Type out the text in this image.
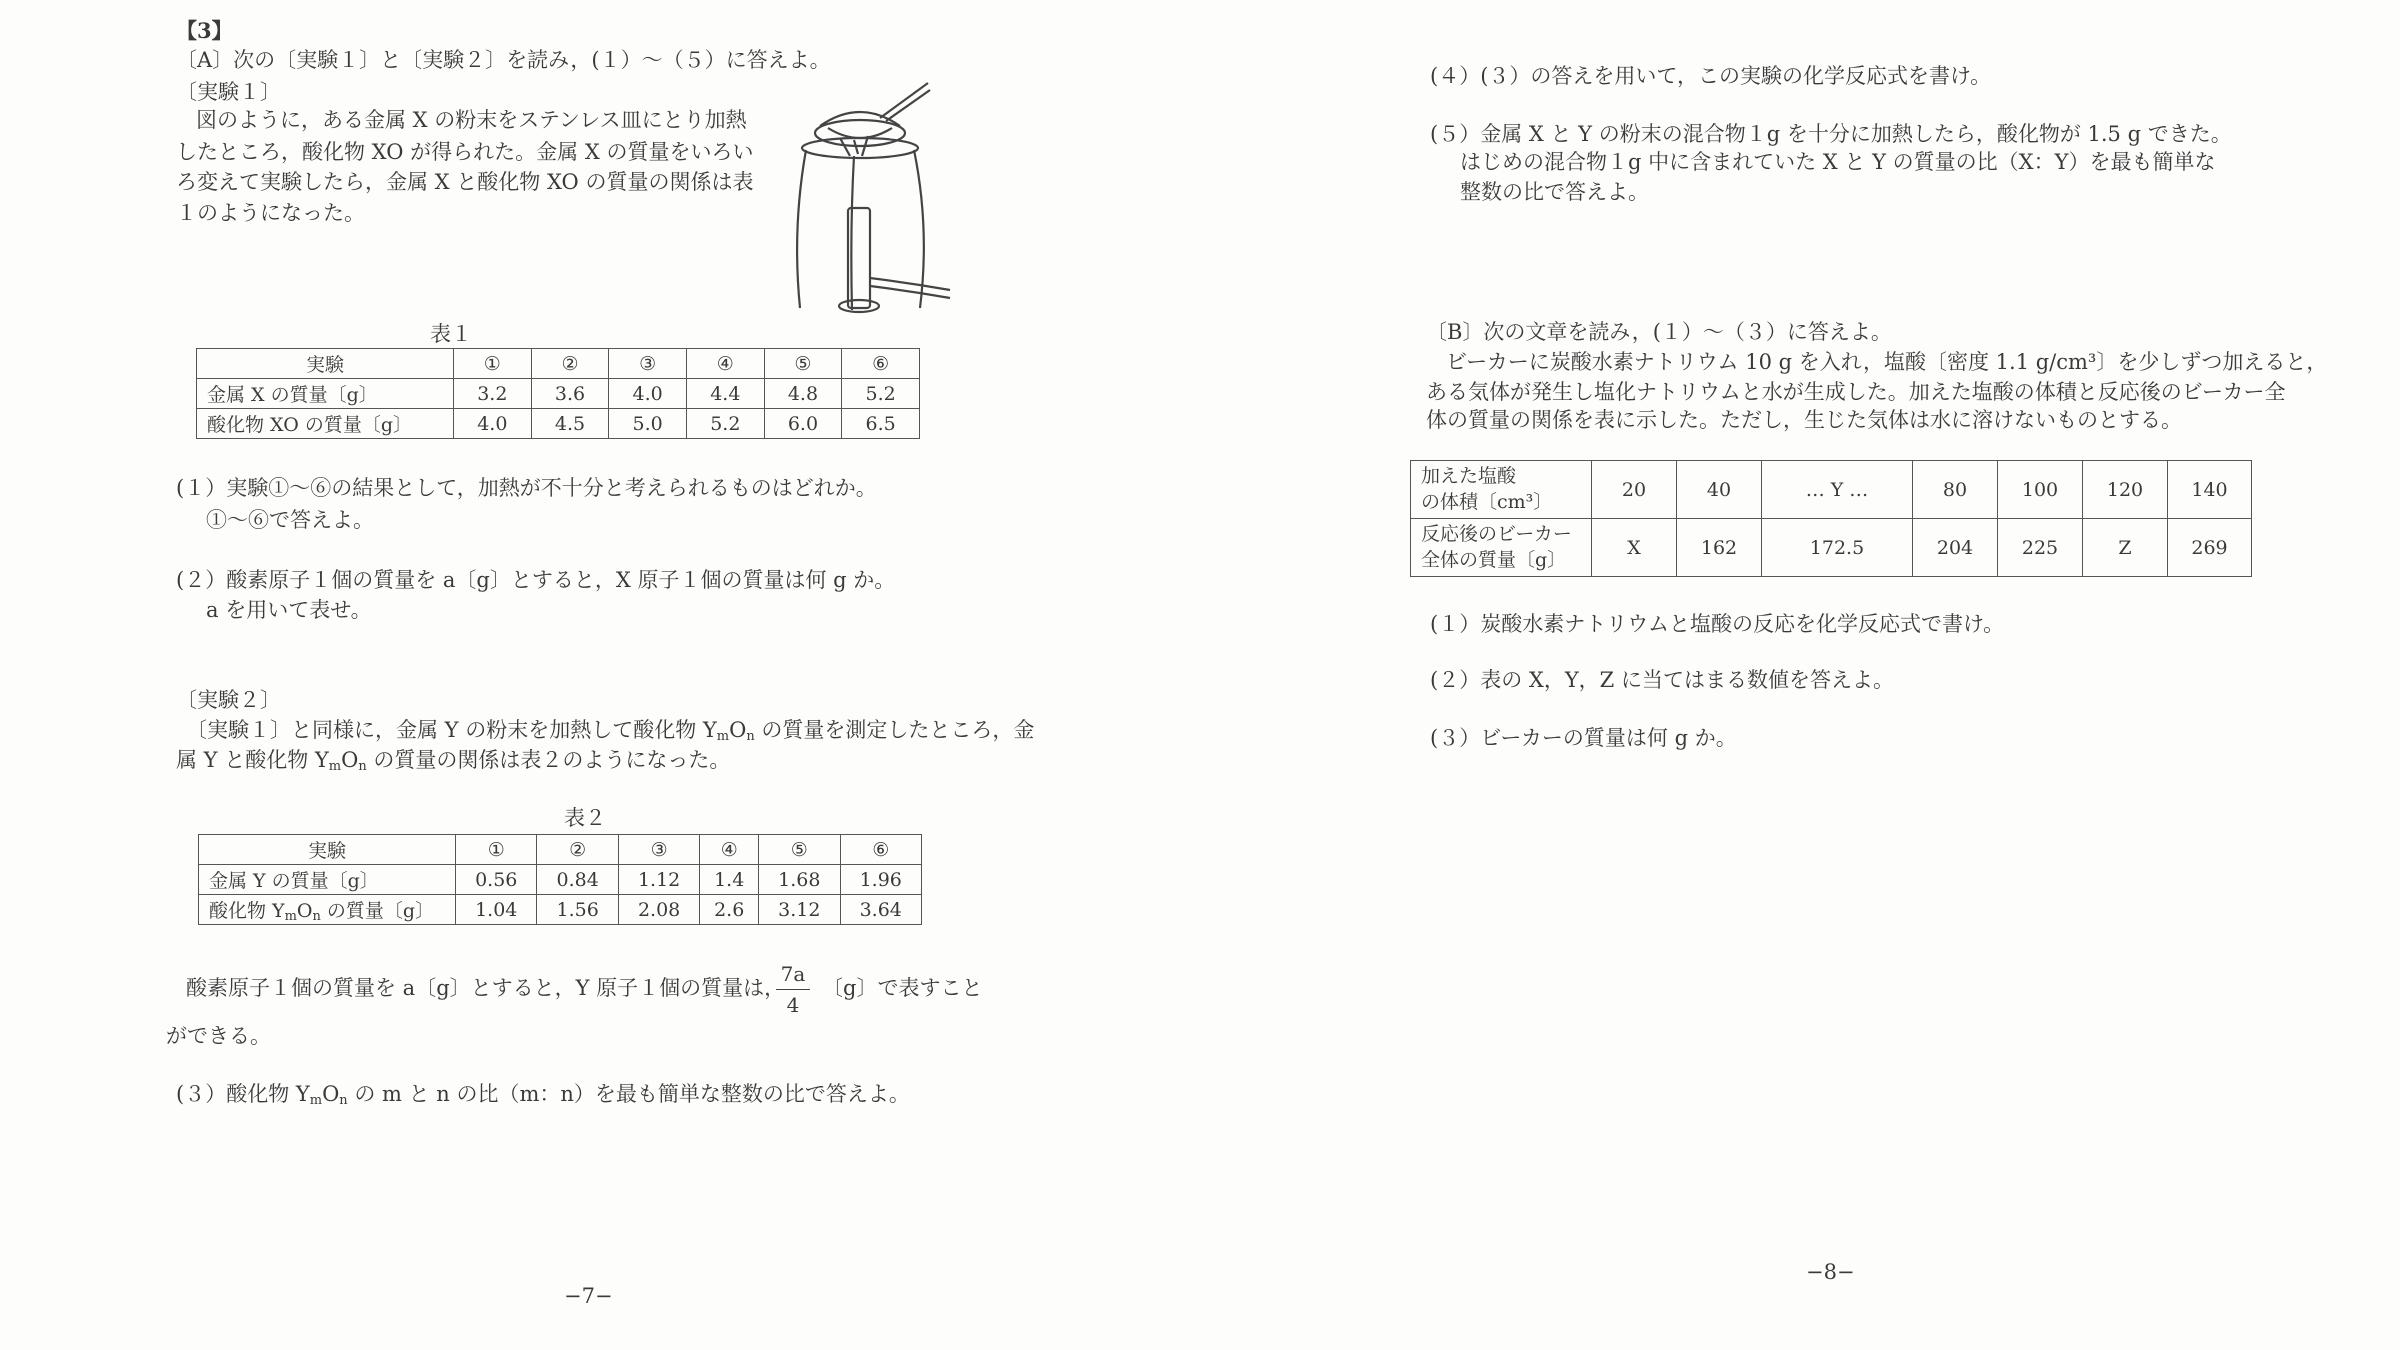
【3】
〔A〕次の〔実験１〕と〔実験２〕を読み，(１）～（５）に答えよ。
〔実験１〕
図のように，ある金属 X の粉末をステンレス皿にとり加熱
したところ，酸化物 XO が得られた。金属 X の質量をいろい
ろ変えて実験したら，金属 X と酸化物 XO の質量の関係は表
１のようになった。
表１
実験	①	②	③	④	⑤	⑥
金属 X の質量〔g〕	3.2	3.6	4.0	4.4	4.8	5.2
酸化物 XO の質量〔g〕	4.0	4.5	5.0	5.2	6.0	6.5
(１）実験①～⑥の結果として，加熱が不十分と考えられるものはどれか。
①～⑥で答えよ。
(２）酸素原子１個の質量を a〔g〕とすると，X 原子１個の質量は何 g か。
a を用いて表せ。
〔実験２〕
〔実験１〕と同様に，金属 Y の粉末を加熱して酸化物 $Y_mO_n$ の質量を測定したところ，金
属 Y と酸化物 $Y_mO_n$ の質量の関係は表２のようになった。
表２
実験	①	②	③	④	⑤	⑥
金属 Y の質量〔g〕	0.56	0.84	1.12	1.4	1.68	1.96
酸化物 $Y_mO_n$ の質量〔g〕	1.04	1.56	2.08	2.6	3.12	3.64
酸素原子１個の質量を a〔g〕とすると，Y 原子１個の質量は，
7a
4
〔g〕で表すこと
ができる。
(３）酸化物 $Y_mO_n$ の m と n の比（m：n）を最も簡単な整数の比で答えよ。
−7−
(４）(３）の答えを用いて，この実験の化学反応式を書け。
(５）金属 X と Y の粉末の混合物１g を十分に加熱したら，酸化物が 1.5 g できた。
はじめの混合物１g 中に含まれていた X と Y の質量の比（X：Y）を最も簡単な
整数の比で答えよ。
〔B〕次の文章を読み，(１）～（３）に答えよ。
ビーカーに炭酸水素ナトリウム 10 g を入れ，塩酸〔密度 1.1 g/cm³〕を少しずつ加えると，
ある気体が発生し塩化ナトリウムと水が生成した。加えた塩酸の体積と反応後のビーカー全
体の質量の関係を表に示した。ただし，生じた気体は水に溶けないものとする。
加えた塩酸
の体積〔cm³〕	20	40	… Y …	80	100	120	140

反応後のビーカー
全体の質量〔g〕	X	162	172.5	204	225	Z	269
(１）炭酸水素ナトリウムと塩酸の反応を化学反応式で書け。
(２）表の X，Y，Z に当てはまる数値を答えよ。
(３）ビーカーの質量は何 g か。
−8−
